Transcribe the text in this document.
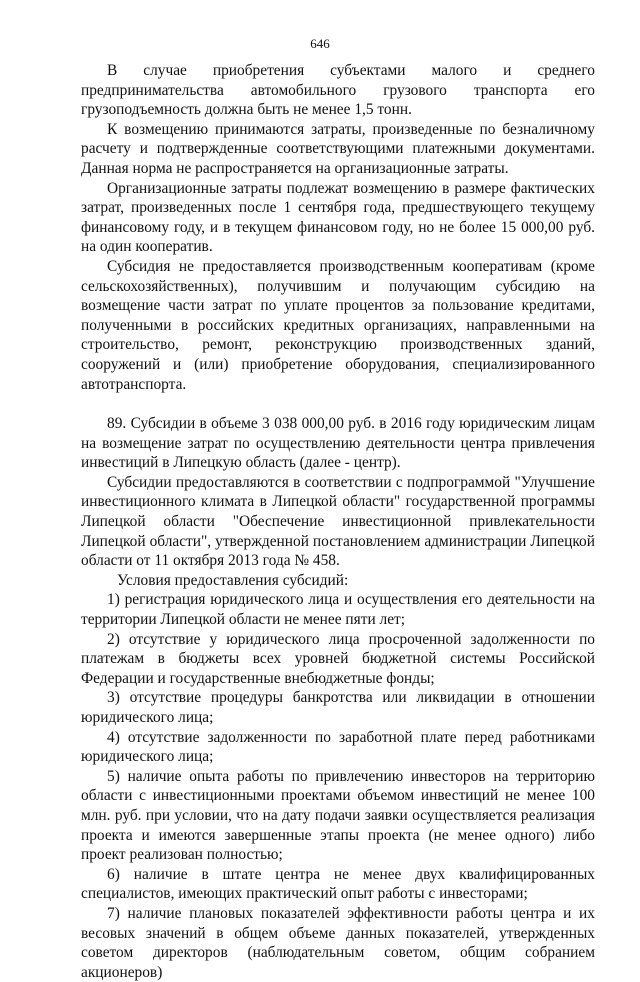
646

В случае приобретения субъектами малого и среднего предпринимательства автомобильного грузового транспорта его грузоподъемность должна быть не менее 1,5 тонн.

К возмещению принимаются затраты, произведенные по безналичному расчету и подтвержденные соответствующими платежными документами. Данная норма не распространяется на организационные затраты.

Организационные затраты подлежат возмещению в размере фактических затрат, произведенных после 1 сентября года, предшествующего текущему финансовому году, и в текущем финансовом году, но не более 15 000,00 руб. на один кооператив.

Субсидия не предоставляется производственным кооперативам (кроме сельскохозяйственных), получившим и получающим субсидию на возмещение части затрат по уплате процентов за пользование кредитами, полученными в российских кредитных организациях, направленными на строительство, ремонт, реконструкцию производственных зданий, сооружений и (или) приобретение оборудования, специализированного автотранспорта.

89. Субсидии в объеме 3 038 000,00 руб. в 2016 году юридическим лицам на возмещение затрат по осуществлению деятельности центра привлечения инвестиций в Липецкую область (далее - центр).

Субсидии предоставляются в соответствии с подпрограммой "Улучшение инвестиционного климата в Липецкой области" государственной программы Липецкой области "Обеспечение инвестиционной привлекательности Липецкой области", утвержденной постановлением администрации Липецкой области от 11 октября 2013 года № 458.

Условия предоставления субсидий:

1) регистрация юридического лица и осуществления его деятельности на территории Липецкой области не менее пяти лет;

2) отсутствие у юридического лица просроченной задолженности по платежам в бюджеты всех уровней бюджетной системы Российской Федерации и государственные внебюджетные фонды;

3) отсутствие процедуры банкротства или ликвидации в отношении юридического лица;

4) отсутствие задолженности по заработной плате перед работниками юридического лица;

5) наличие опыта работы по привлечению инвесторов на территорию области с инвестиционными проектами объемом инвестиций не менее 100 млн. руб. при условии, что на дату подачи заявки осуществляется реализация проекта и имеются завершенные этапы проекта (не менее одного) либо проект реализован полностью;

6) наличие в штате центра не менее двух квалифицированных специалистов, имеющих практический опыт работы с инвесторами;

7) наличие плановых показателей эффективности работы центра и их весовых значений в общем объеме данных показателей, утвержденных советом директоров (наблюдательным советом, общим собранием акционеров)
